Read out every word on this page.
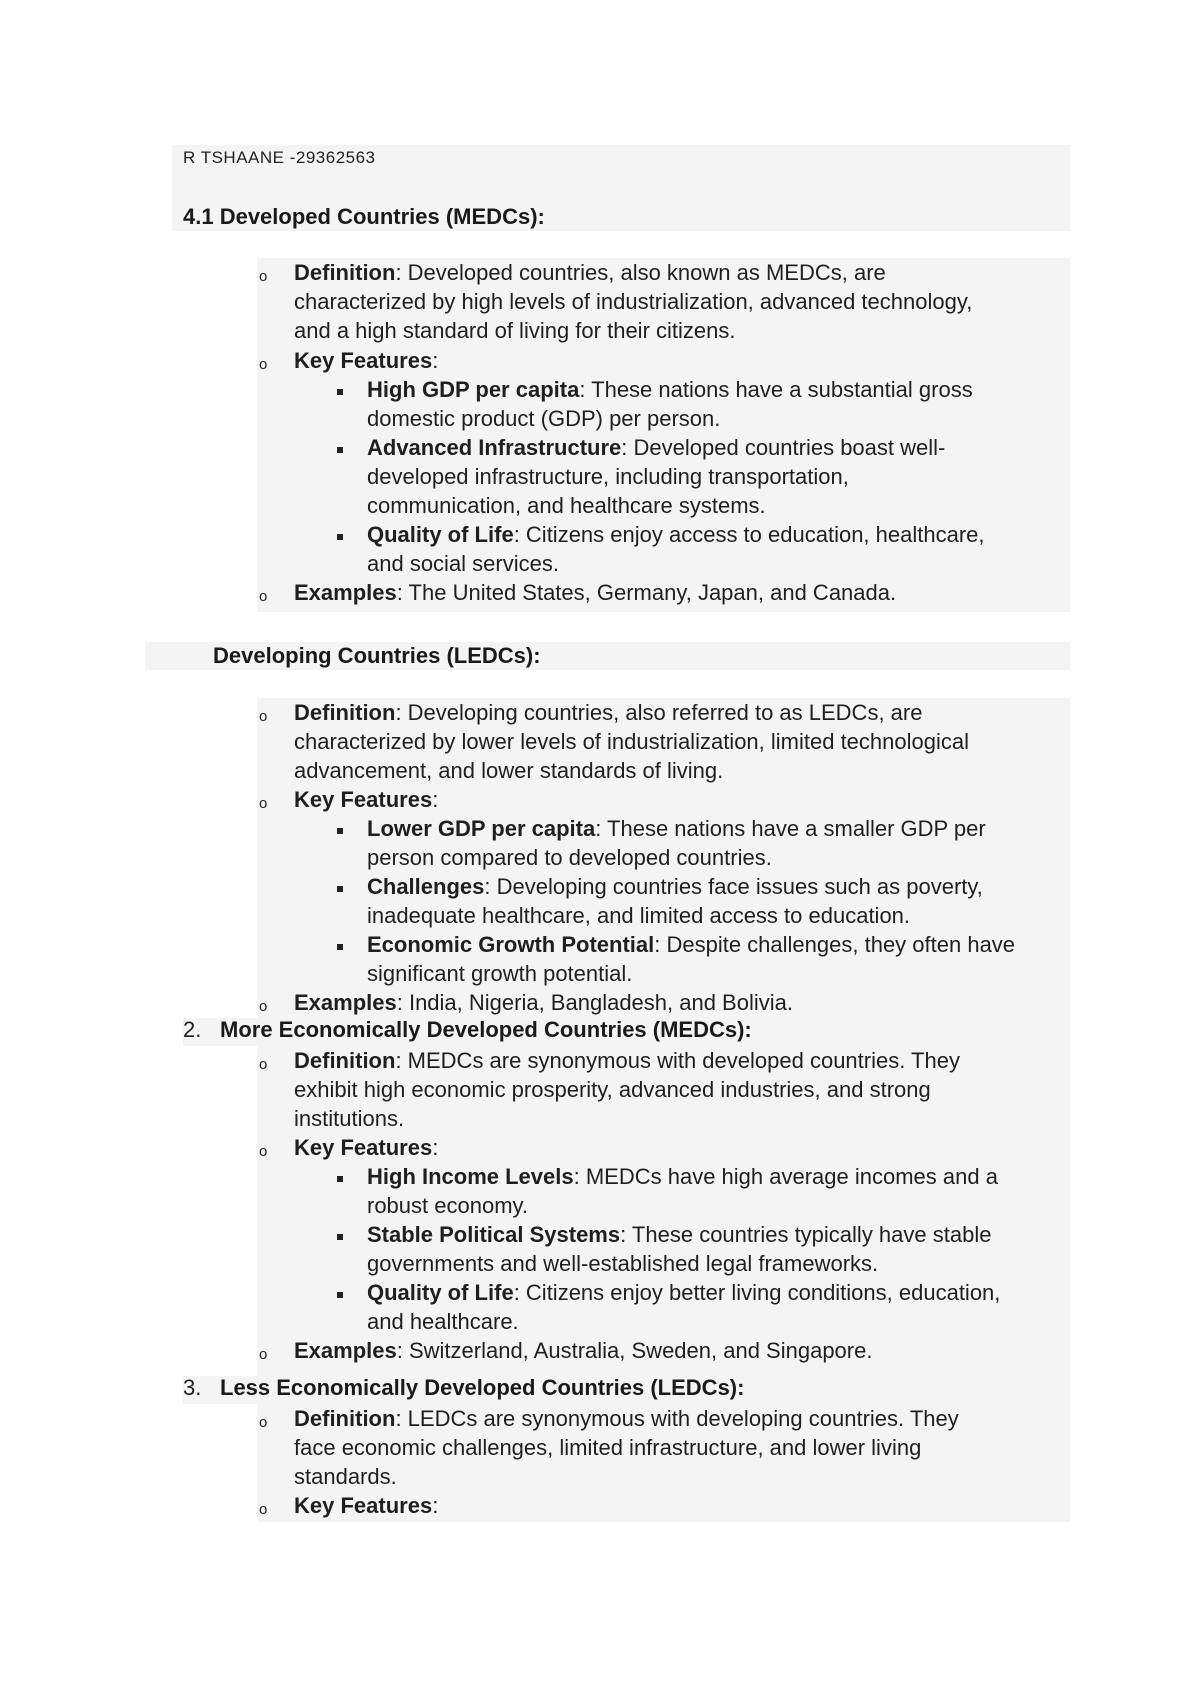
R TSHAANE -29362563
4.1 Developed Countries (MEDCs):
o Definition: Developed countries, also known as MEDCs, are
characterized by high levels of industrialization, advanced technology,
and a high standard of living for their citizens.
o Key Features:
High GDP per capita: These nations have a substantial gross
domestic product (GDP) per person.
Advanced Infrastructure: Developed countries boast well-
developed infrastructure, including transportation,
communication, and healthcare systems.
Quality of Life: Citizens enjoy access to education, healthcare,
and social services.
o Examples: The United States, Germany, Japan, and Canada.
Developing Countries (LEDCs):
o Definition: Developing countries, also referred to as LEDCs, are
characterized by lower levels of industrialization, limited technological
advancement, and lower standards of living.
o Key Features:
Lower GDP per capita: These nations have a smaller GDP per
person compared to developed countries.
Challenges: Developing countries face issues such as poverty,
inadequate healthcare, and limited access to education.
Economic Growth Potential: Despite challenges, they often have
significant growth potential.
o Examples: India, Nigeria, Bangladesh, and Bolivia.
2. More Economically Developed Countries (MEDCs):
o Definition: MEDCs are synonymous with developed countries. They
exhibit high economic prosperity, advanced industries, and strong
institutions.
o Key Features:
High Income Levels: MEDCs have high average incomes and a
robust economy.
Stable Political Systems: These countries typically have stable
governments and well-established legal frameworks.
Quality of Life: Citizens enjoy better living conditions, education,
and healthcare.
o Examples: Switzerland, Australia, Sweden, and Singapore.
3. Less Economically Developed Countries (LEDCs):
o Definition: LEDCs are synonymous with developing countries. They
face economic challenges, limited infrastructure, and lower living
standards.
o Key Features:
